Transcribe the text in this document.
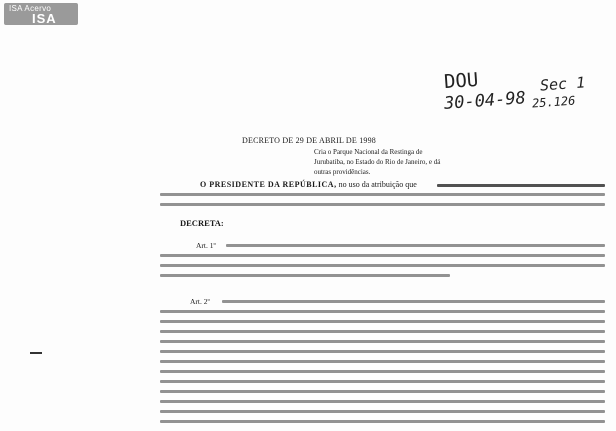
ISA Acervo
ISA
DOU
30-04-98
Sec 1
25.126
DECRETO DE 29 DE ABRIL DE 1998
Cria o Parque Nacional da Restinga de
Jurubatiba, no Estado do Rio de Janeiro, e dá
outras providências.
O PRESIDENTE DA REPÚBLICA, no uso da atribuição que
DECRETA:
Art. 1º
Art. 2º
